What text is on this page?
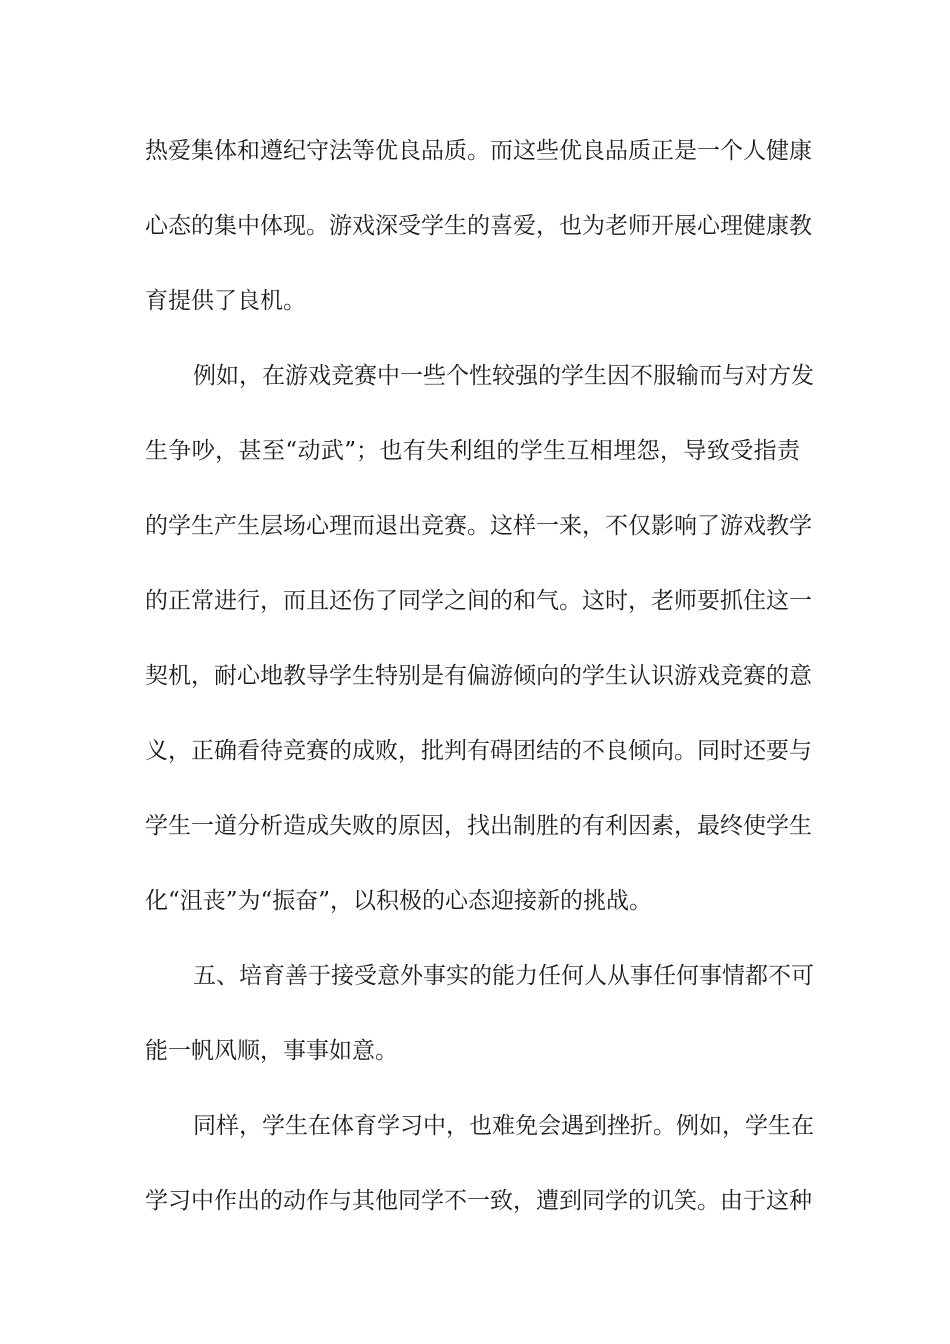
热爱集体和遵纪守法等优良品质。而这些优良品质正是一个人健康
心态的集中体现。游戏深受学生的喜爱，也为老师开展心理健康教
育提供了良机。
例如，在游戏竞赛中一些个性较强的学生因不服输而与对方发
生争吵，甚至“动武”；也有失利组的学生互相埋怨，导致受指责
的学生产生层场心理而退出竞赛。这样一来，不仅影响了游戏教学
的正常进行，而且还伤了同学之间的和气。这时，老师要抓住这一
契机，耐心地教导学生特别是有偏游倾向的学生认识游戏竞赛的意
义，正确看待竞赛的成败，批判有碍团结的不良倾向。同时还要与
学生一道分析造成失败的原因，找出制胜的有利因素，最终使学生
化“沮丧”为“振奋”，以积极的心态迎接新的挑战。
五、培育善于接受意外事实的能力任何人从事任何事情都不可
能一帆风顺，事事如意。
同样，学生在体育学习中，也难免会遇到挫折。例如，学生在
学习中作出的动作与其他同学不一致，遭到同学的讥笑。由于这种
